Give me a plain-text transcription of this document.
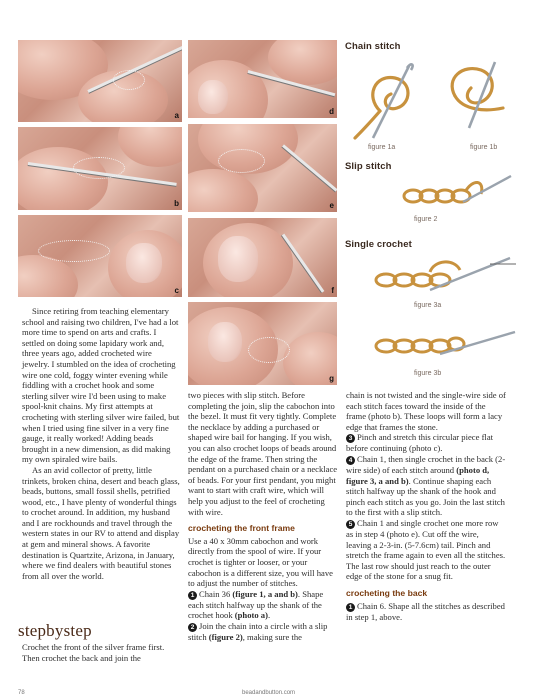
a
b
c
d
e
f
g
Chain stitch
figure 1a	figure 1b
Slip stitch
figure 2
Single crochet
figure 3a
figure 3b

Since retiring from teaching elementary school and raising two children, I've had a lot more time to spend on arts and crafts. I settled on doing some lapidary work and, three years ago, added crocheted wire jewelry. I stumbled on the idea of crocheting wire one cold, foggy winter evening while fiddling with a crochet hook and some sterling silver wire I'd been using to make spool-knit chains. My first attempts at crocheting with sterling silver wire failed, but when I tried using fine silver in a very fine gauge, it really worked! Adding beads brought in a new dimension, as did making my own spiraled wire bails.

As an avid collector of pretty, little trinkets, broken china, desert and beach glass, beads, buttons, small fossil shells, petrified wood, etc., I have plenty of wonderful things to crochet around. In addition, my husband and I are rockhounds and travel through the western states in our RV to attend and display at gem and mineral shows. A favorite destination is Quartzite, Arizona, in January, where we find dealers with beautiful stones from all over the world.

stepbystep

Crochet the front of the silver frame first. Then crochet the back and join the

two pieces with slip stitch. Before completing the join, slip the cabochon into the bezel. It must fit very tightly. Complete the necklace by adding a purchased or shaped wire bail for hanging. If you wish, you can also crochet loops of beads around the edge of the frame. Then string the pendant on a purchased chain or a necklace of beads. For your first pendant, you might want to start with craft wire, which will help you adjust to the feel of crocheting with wire.

crocheting the front frame

Use a 40 x 30mm cabochon and work directly from the spool of wire. If your crochet is tighter or looser, or your cabochon is a different size, you will have to adjust the number of stitches.

1 Chain 36 (figure 1, a and b). Shape each stitch halfway up the shank of the crochet hook (photo a).

2 Join the chain into a circle with a slip stitch (figure 2), making sure the

chain is not twisted and the single-wire side of each stitch faces toward the inside of the frame (photo b). These loops will form a lacy edge that frames the stone.

3 Pinch and stretch this circular piece flat before continuing (photo c).

4 Chain 1, then single crochet in the back (2-wire side) of each stitch around (photo d, figure 3, a and b). Continue shaping each stitch halfway up the shank of the hook and pinch each stitch as you go. Join the last stitch to the first with a slip stitch.

5 Chain 1 and single crochet one more row as in step 4 (photo e). Cut off the wire, leaving a 2-3-in. (5-7.6cm) tail. Pinch and stretch the frame again to even all the stitches. The last row should just reach to the outer edge of the stone for a snug fit.

crocheting the back

1 Chain 6. Shape all the stitches as described in step 1, above.

78	beadandbutton.com
